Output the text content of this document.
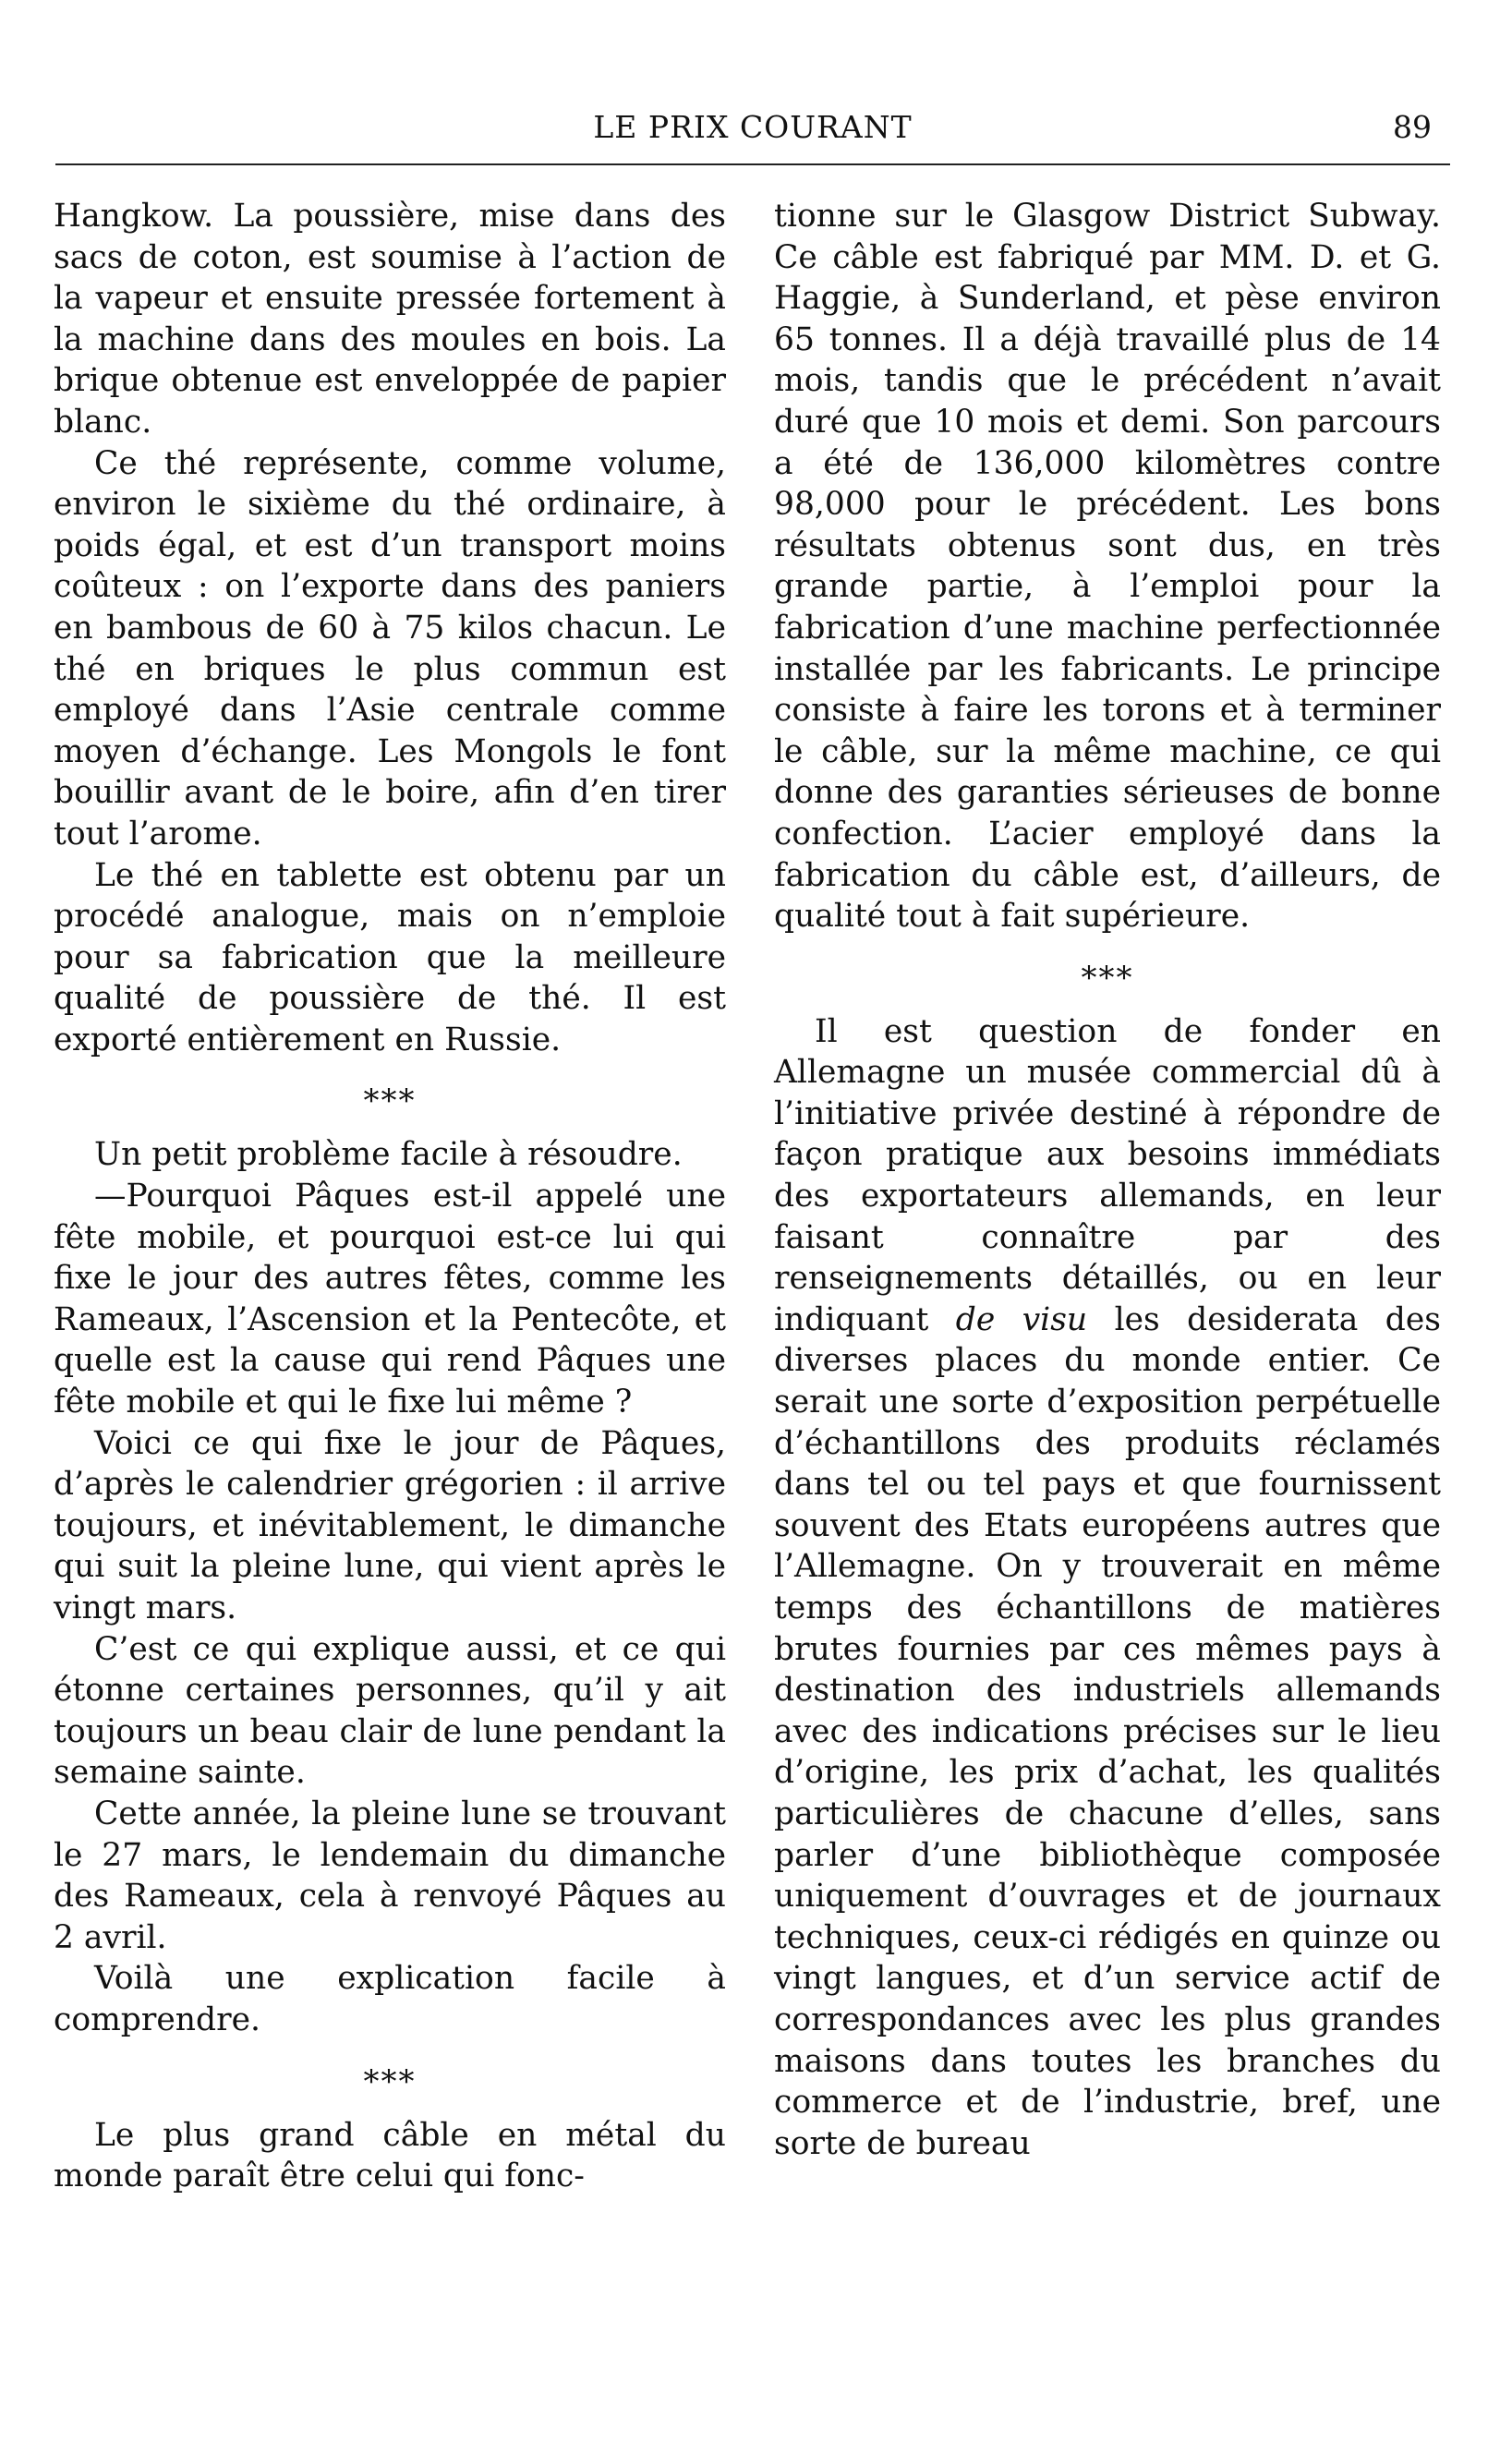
LE PRIX COURANT	89

Hangkow. La poussière, mise dans des sacs de coton, est soumise à l’action de la vapeur et ensuite pressée fortement à la machine dans des moules en bois. La brique obtenue est enveloppée de papier blanc.

Ce thé représente, comme volume, environ le sixième du thé ordinaire, à poids égal, et est d’un transport moins coûteux : on l’exporte dans des paniers en bambous de 60 à 75 kilos chacun. Le thé en briques le plus commun est employé dans l’Asie centrale comme moyen d’échange. Les Mongols le font bouillir avant de le boire, afin d’en tirer tout l’arome.

Le thé en tablette est obtenu par un procédé analogue, mais on n’emploie pour sa fabrication que la meilleure qualité de poussière de thé. Il est exporté entièrement en Russie.

***

Un petit problème facile à résoudre.

—Pourquoi Pâques est-il appelé une fête mobile, et pourquoi est-ce lui qui fixe le jour des autres fêtes, comme les Rameaux, l’Ascension et la Pentecôte, et quelle est la cause qui rend Pâques une fête mobile et qui le fixe lui même ?

Voici ce qui fixe le jour de Pâques, d’après le calendrier grégorien : il arrive toujours, et inévitablement, le dimanche qui suit la pleine lune, qui vient après le vingt mars.

C’est ce qui explique aussi, et ce qui étonne certaines personnes, qu’il y ait toujours un beau clair de lune pendant la semaine sainte.

Cette année, la pleine lune se trouvant le 27 mars, le lendemain du dimanche des Rameaux, cela à renvoyé Pâques au 2 avril.

Voilà une explication facile à comprendre.

***

Le plus grand câble en métal du monde paraît être celui qui fonc-

tionne sur le Glasgow District Subway. Ce câble est fabriqué par MM. D. et G. Haggie, à Sunderland, et pèse environ 65 tonnes. Il a déjà travaillé plus de 14 mois, tandis que le précédent n’avait duré que 10 mois et demi. Son parcours a été de 136,000 kilomètres contre 98,000 pour le précédent. Les bons résultats obtenus sont dus, en très grande partie, à l’emploi pour la fabrication d’une machine perfectionnée installée par les fabricants. Le principe consiste à faire les torons et à terminer le câble, sur la même machine, ce qui donne des garanties sérieuses de bonne confection. L’acier employé dans la fabrication du câble est, d’ailleurs, de qualité tout à fait supérieure.

***

Il est question de fonder en Allemagne un musée commercial dû à l’initiative privée destiné à répondre de façon pratique aux besoins immédiats des exportateurs allemands, en leur faisant connaître par des renseignements détaillés, ou en leur indiquant de visu les desiderata des diverses places du monde entier. Ce serait une sorte d’exposition perpétuelle d’échantillons des produits réclamés dans tel ou tel pays et que fournissent souvent des Etats européens autres que l’Allemagne. On y trouverait en même temps des échantillons de matières brutes fournies par ces mêmes pays à destination des industriels allemands avec des indications précises sur le lieu d’origine, les prix d’achat, les qualités particulières de chacune d’elles, sans parler d’une bibliothèque composée uniquement d’ouvrages et de journaux techniques, ceux-ci rédigés en quinze ou vingt langues, et d’un service actif de correspondances avec les plus grandes maisons dans toutes les branches du commerce et de l’industrie, bref, une sorte de bureau
